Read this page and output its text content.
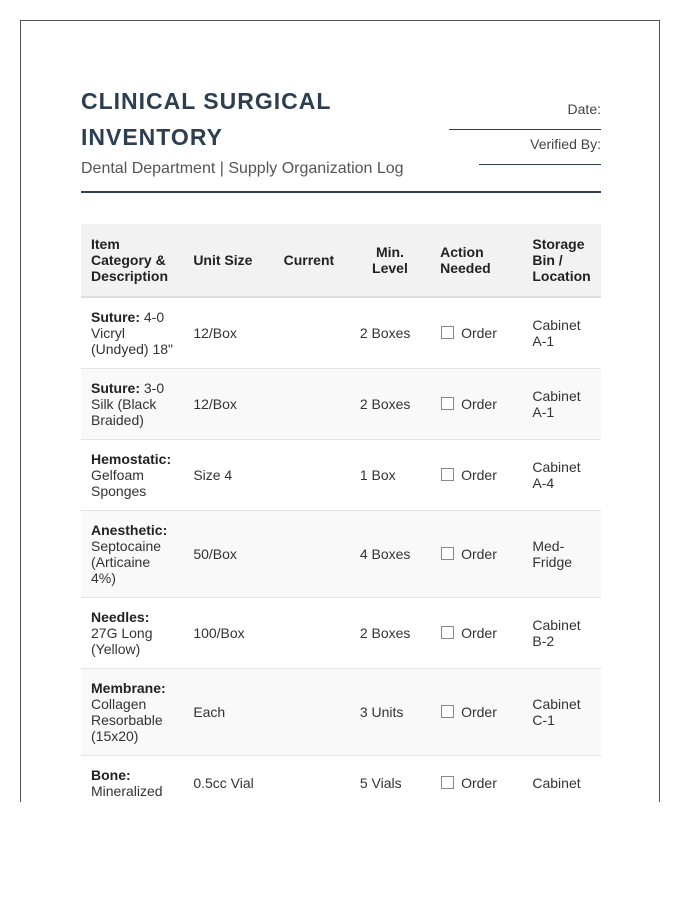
CLINICAL SURGICAL INVENTORY
Dental Department | Supply Organization Log
Date:
Verified By:
Item Category & Description	Unit Size	Current	Min. Level	Action Needed	Storage Bin / Location
Suture: 4-0 Vicryl (Undyed) 18"	12/Box		2 Boxes	Order	Cabinet A-1
Suture: 3-0 Silk (Black Braided)	12/Box		2 Boxes	Order	Cabinet A-1
Hemostatic: Gelfoam Sponges	Size 4		1 Box	Order	Cabinet A-4
Anesthetic: Septocaine (Articaine 4%)	50/Box		4 Boxes	Order	Med-Fridge
Needles: 27G Long (Yellow)	100/Box		2 Boxes	Order	Cabinet B-2
Membrane: Collagen Resorbable (15x20)	Each		3 Units	Order	Cabinet C-1
Bone: Mineralized	0.5cc Vial		5 Vials	Order	Cabinet
